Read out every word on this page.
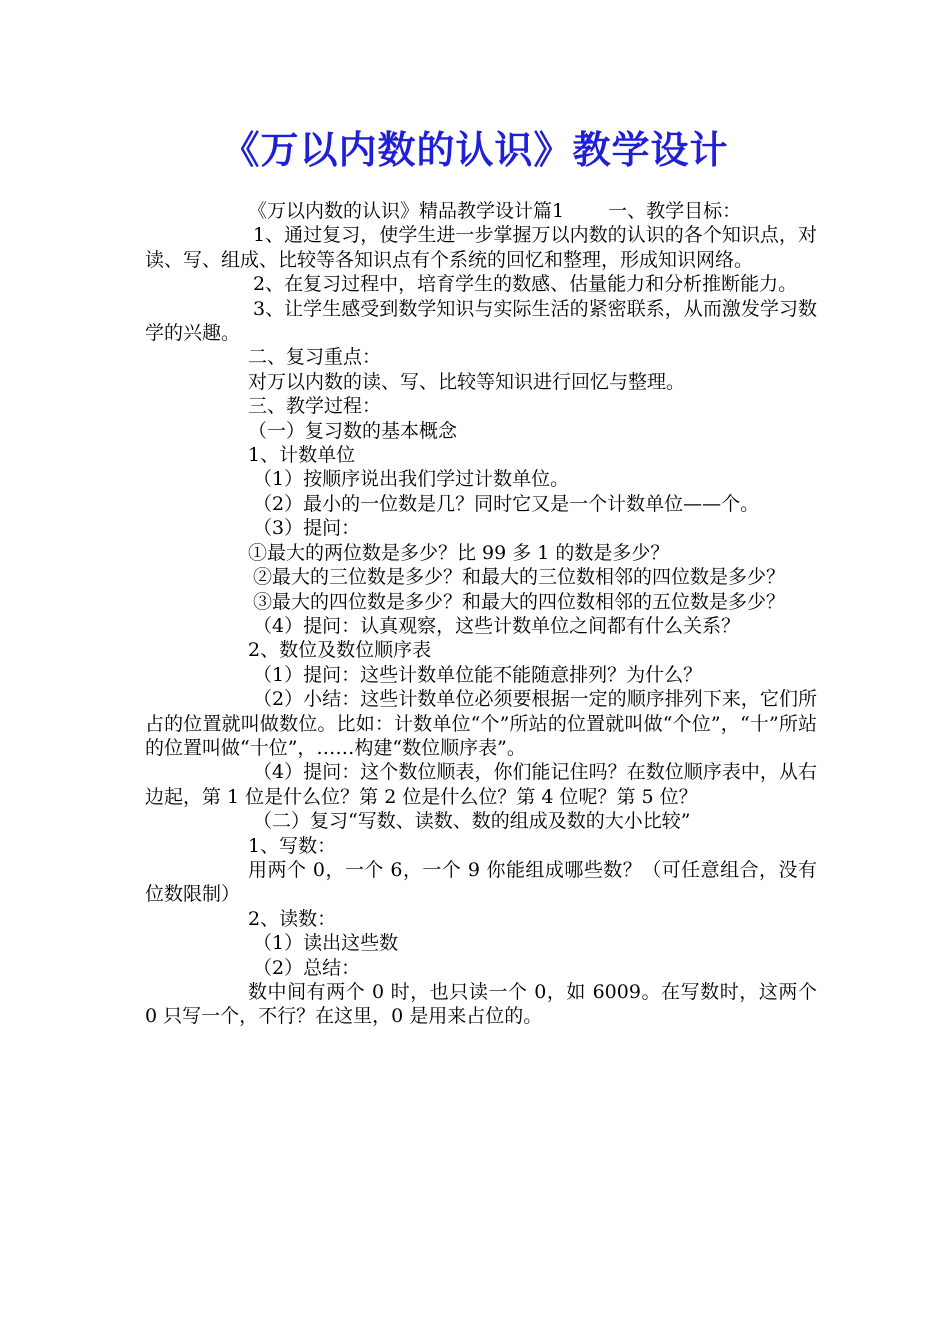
《万以内数的认识》教学设计

《万以内数的认识》精品教学设计篇1　　 一、教学目标：

1、通过复习，使学生进一步掌握万以内数的认识的各个知识点，对读、写、组成、比较等各知识点有个系统的回忆和整理，形成知识网络。

2、在复习过程中，培育学生的数感、估量能力和分析推断能力。

3、让学生感受到数学知识与实际生活的紧密联系，从而激发学习数学的兴趣。

二、复习重点：

对万以内数的读、写、比较等知识进行回忆与整理。

三、教学过程：

（一）复习数的基本概念

1、计数单位

（1）按顺序说出我们学过计数单位。

（2）最小的一位数是几？同时它又是一个计数单位——个。

（3）提问：

①最大的两位数是多少？比 99 多 1 的数是多少？

②最大的三位数是多少？和最大的三位数相邻的四位数是多少？

③最大的四位数是多少？和最大的四位数相邻的五位数是多少？

（4）提问：认真观察，这些计数单位之间都有什么关系？

2、数位及数位顺序表

（1）提问：这些计数单位能不能随意排列？为什么？

（2）小结：这些计数单位必须要根据一定的顺序排列下来，它们所占的位置就叫做数位。比如：计数单位“个”所站的位置就叫做“个位”，“十”所站的位置叫做“十位”，……构建“数位顺序表”。

（4）提问：这个数位顺表，你们能记住吗？在数位顺序表中，从右边起，第 1 位是什么位？第 2 位是什么位？第 4 位呢？第 5 位？

（二）复习“写数、读数、数的组成及数的大小比较”

1、写数：

用两个 0，一个 6，一个 9 你能组成哪些数？（可任意组合，没有位数限制）

2、读数：

（1）读出这些数

（2）总结：

数中间有两个 0 时，也只读一个 0，如 6009。在写数时，这两个 0 只写一个，不行？在这里，0 是用来占位的。
